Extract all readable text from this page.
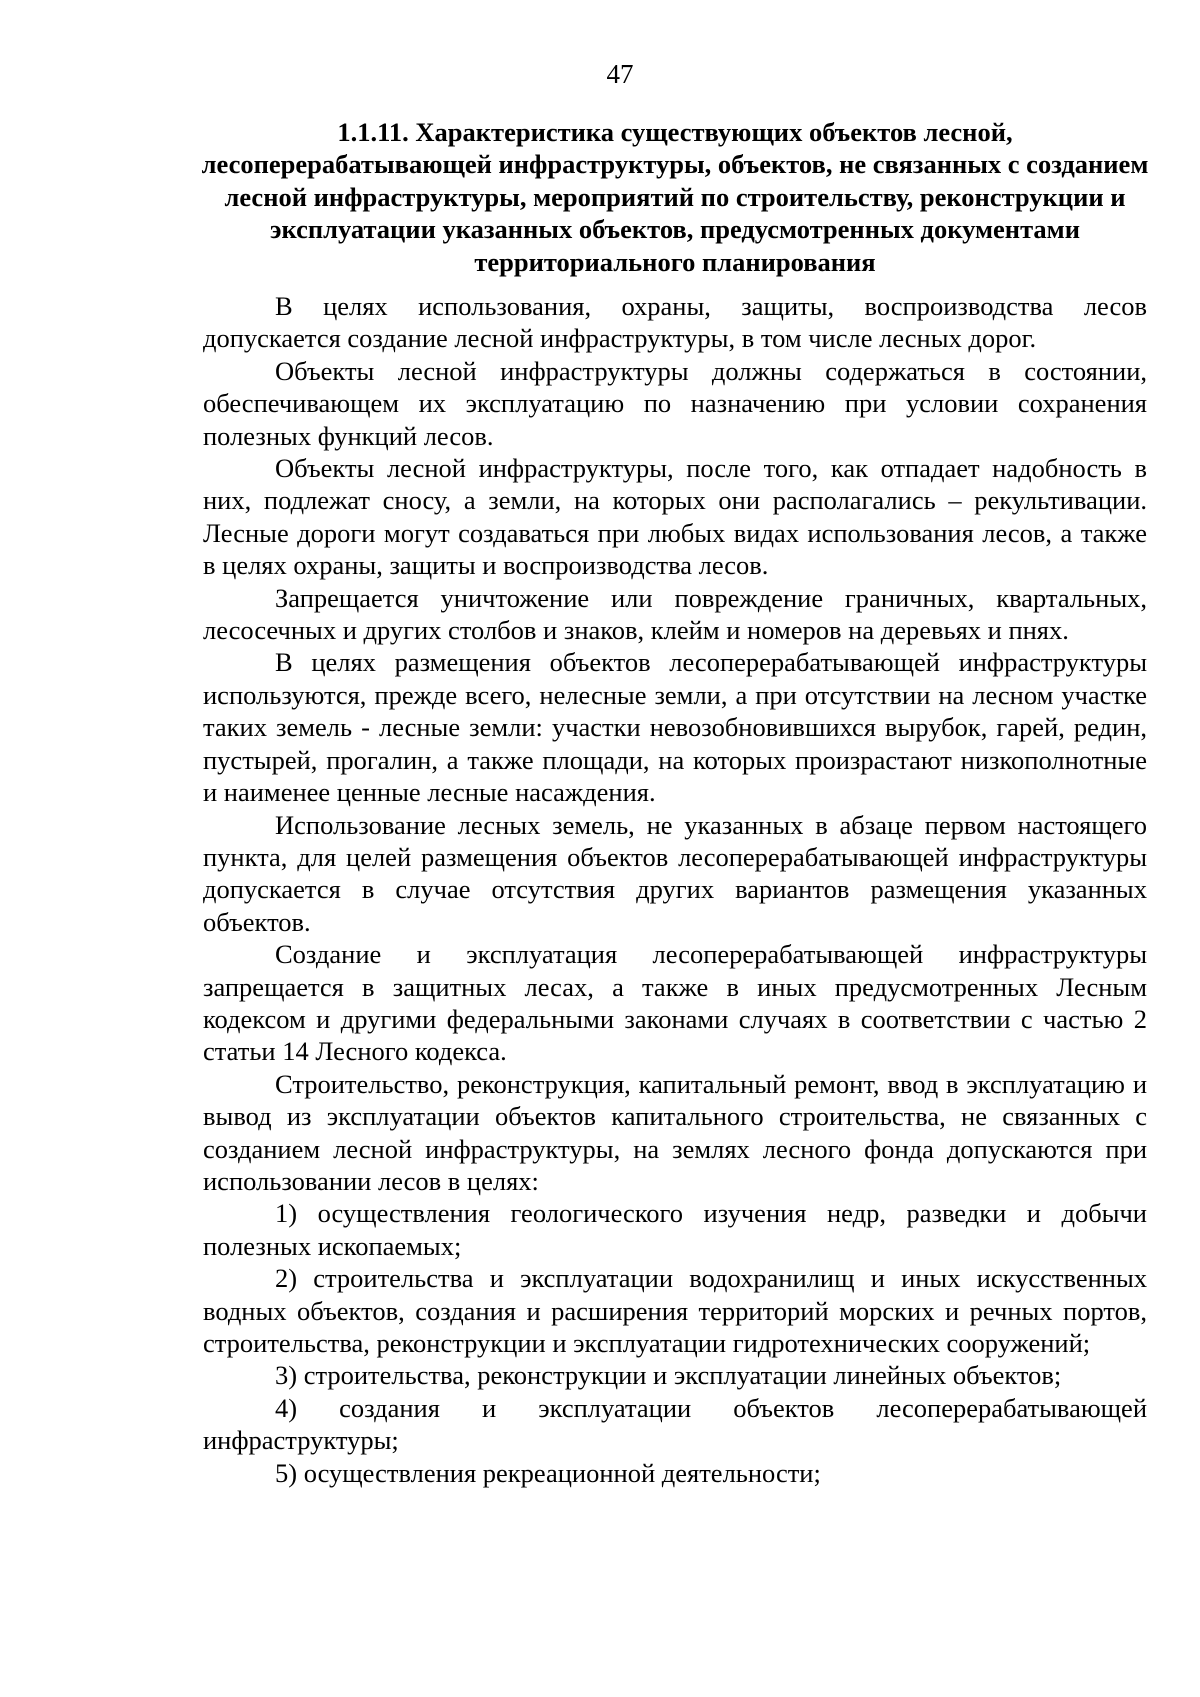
47
1.1.11. Характеристика существующих объектов лесной, лесоперерабатывающей инфраструктуры, объектов, не связанных с созданием лесной инфраструктуры, мероприятий по строительству, реконструкции и эксплуатации указанных объектов, предусмотренных документами территориального планирования

В целях использования, охраны, защиты, воспроизводства лесов допускается создание лесной инфраструктуры, в том числе лесных дорог.

Объекты лесной инфраструктуры должны содержаться в состоянии, обеспечивающем их эксплуатацию по назначению при условии сохранения полезных функций лесов.

Объекты лесной инфраструктуры, после того, как отпадает надобность в них, подлежат сносу, а земли, на которых они располагались – рекультивации. Лесные дороги могут создаваться при любых видах использования лесов, а также в целях охраны, защиты и воспроизводства лесов.

Запрещается уничтожение или повреждение граничных, квартальных, лесосечных и других столбов и знаков, клейм и номеров на деревьях и пнях.

В целях размещения объектов лесоперерабатывающей инфраструктуры используются, прежде всего, нелесные земли, а при отсутствии на лесном участке таких земель - лесные земли: участки невозобновившихся вырубок, гарей, редин, пустырей, прогалин, а также площади, на которых произрастают низкополнотные и наименее ценные лесные насаждения.

Использование лесных земель, не указанных в абзаце первом настоящего пункта, для целей размещения объектов лесоперерабатывающей инфраструктуры допускается в случае отсутствия других вариантов размещения указанных объектов.

Создание и эксплуатация лесоперерабатывающей инфраструктуры запрещается в защитных лесах, а также в иных предусмотренных Лесным кодексом и другими федеральными законами случаях в соответствии с частью 2 статьи 14 Лесного кодекса.

Строительство, реконструкция, капитальный ремонт, ввод в эксплуатацию и вывод из эксплуатации объектов капитального строительства, не связанных с созданием лесной инфраструктуры, на землях лесного фонда допускаются при использовании лесов в целях:

1) осуществления геологического изучения недр, разведки и добычи полезных ископаемых;

2) строительства и эксплуатации водохранилищ и иных искусственных водных объектов, создания и расширения территорий морских и речных портов, строительства, реконструкции и эксплуатации гидротехнических сооружений;

3) строительства, реконструкции и эксплуатации линейных объектов;

4) создания и эксплуатации объектов лесоперерабатывающей инфраструктуры;

5) осуществления рекреационной деятельности;
